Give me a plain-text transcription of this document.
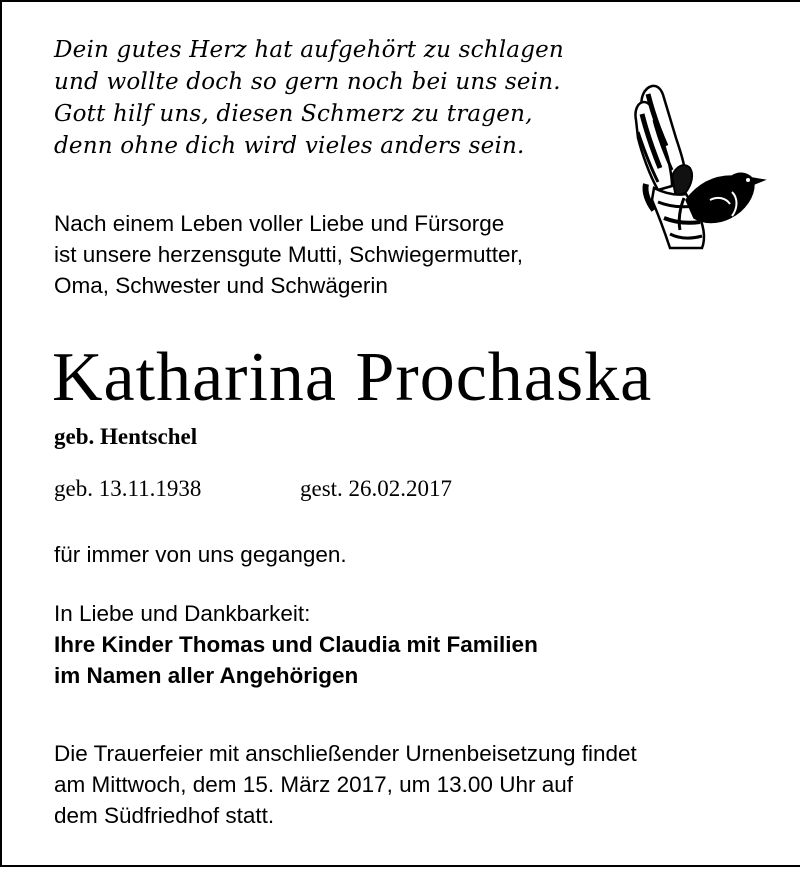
Dein gutes Herz hat aufgehört zu schlagen
und wollte doch so gern noch bei uns sein.
Gott hilf uns, diesen Schmerz zu tragen,
denn ohne dich wird vieles anders sein.
Nach einem Leben voller Liebe und Fürsorge
ist unsere herzensgute Mutti, Schwiegermutter,
Oma, Schwester und Schwägerin
Katharina Prochaska
geb. Hentschel
geb. 13.11.1938	gest. 26.02.2017
für immer von uns gegangen.
In Liebe und Dankbarkeit:
Ihre Kinder Thomas und Claudia mit Familien
im Namen aller Angehörigen
Die Trauerfeier mit anschließender Urnenbeisetzung findet
am Mittwoch, dem 15. März 2017, um 13.00 Uhr auf
dem Südfriedhof statt.
